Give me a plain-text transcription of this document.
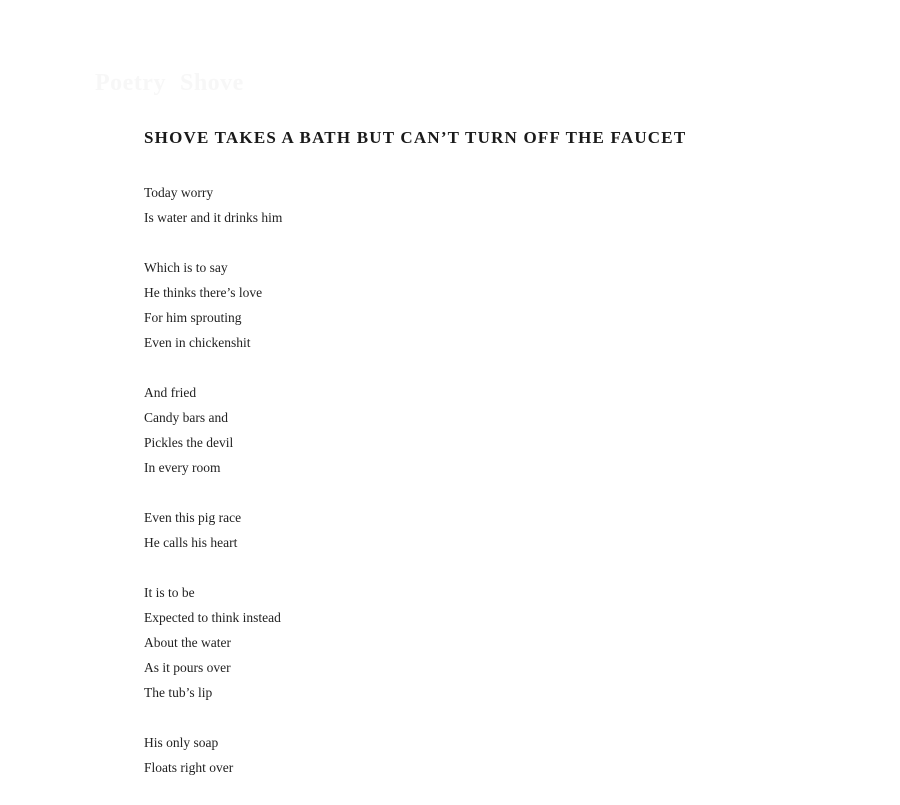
Poetry Shove
SHOVE TAKES A BATH BUT CAN’T TURN OFF THE FAUCET
Today worry
Is water and it drinks him
Which is to say
He thinks there’s love
For him sprouting
Even in chickenshit
And fried
Candy bars and
Pickles the devil
In every room
Even this pig race
He calls his heart
It is to be
Expected to think instead
About the water
As it pours over
The tub’s lip
His only soap
Floats right over
